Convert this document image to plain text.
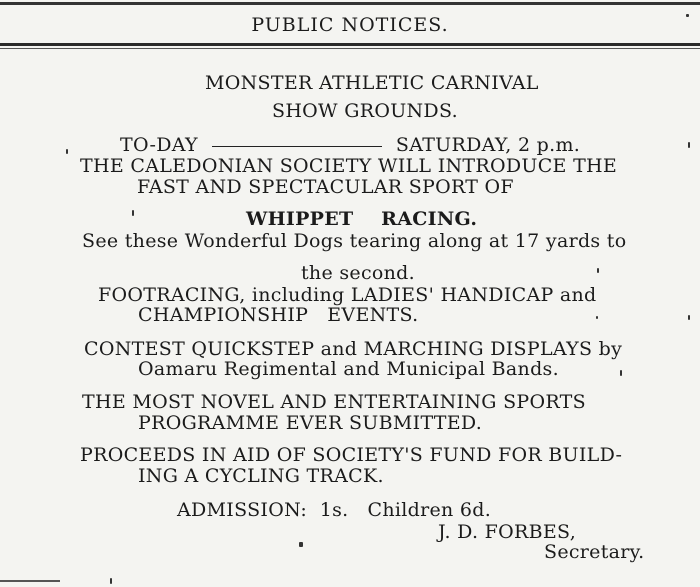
PUBLIC NOTICES.
MONSTER ATHLETIC CARNIVAL
SHOW GROUNDS.
TO-DAY	SATURDAY, 2 p.m.
THE CALEDONIAN SOCIETY WILL INTRODUCE THE
FAST AND SPECTACULAR SPORT OF
WHIPPET    RACING.
See these Wonderful Dogs tearing along at 17 yards to
the second.
FOOTRACING, including LADIES' HANDICAP and
CHAMPIONSHIP   EVENTS.
CONTEST QUICKSTEP and MARCHING DISPLAYS by
Oamaru Regimental and Municipal Bands.
THE MOST NOVEL AND ENTERTAINING SPORTS
PROGRAMME EVER SUBMITTED.
PROCEEDS IN AID OF SOCIETY'S FUND FOR BUILD-
ING A CYCLING TRACK.
ADMISSION:  1s.   Children 6d.
J. D. FORBES,
Secretary.
